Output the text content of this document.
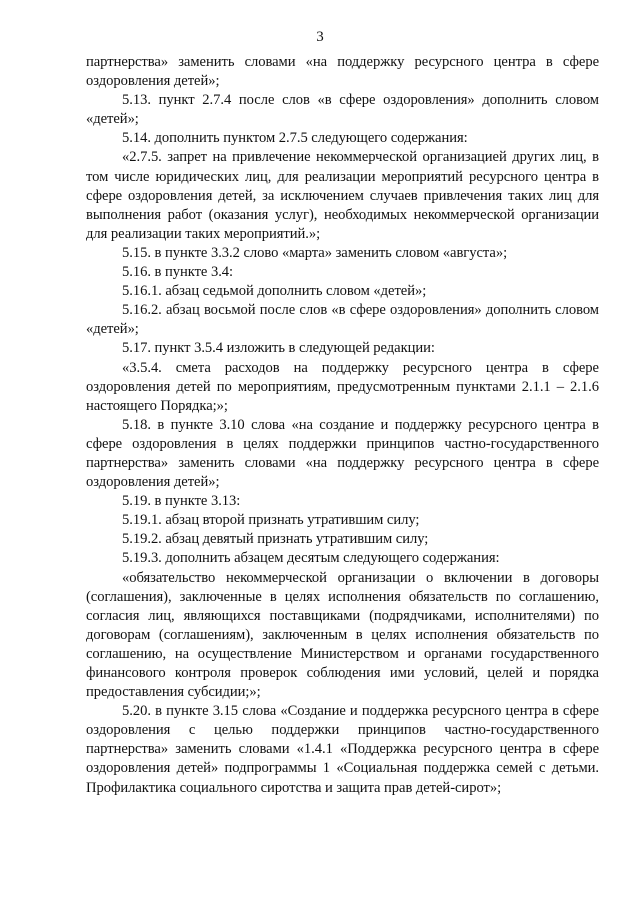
3

партнерства» заменить словами «на поддержку ресурсного центра в сфере оздоровления детей»;

5.13. пункт 2.7.4 после слов «в сфере оздоровления» дополнить словом «детей»;

5.14. дополнить пунктом 2.7.5 следующего содержания:

«2.7.5. запрет на привлечение некоммерческой организацией других лиц, в том числе юридических лиц, для реализации мероприятий ресурсного центра в сфере оздоровления детей, за исключением случаев привлечения таких лиц для выполнения работ (оказания услуг), необходимых некоммерческой организации для реализации таких мероприятий.»;

5.15. в пункте 3.3.2 слово «марта» заменить словом «августа»;

5.16. в пункте 3.4:

5.16.1. абзац седьмой дополнить словом «детей»;

5.16.2. абзац восьмой после слов «в сфере оздоровления» дополнить словом «детей»;

5.17. пункт 3.5.4 изложить в следующей редакции:

«3.5.4. смета расходов на поддержку ресурсного центра в сфере оздоровления детей по мероприятиям, предусмотренным пунктами 2.1.1 – 2.1.6 настоящего Порядка;»;

5.18. в пункте 3.10 слова «на создание и поддержку ресурсного центра в сфере оздоровления в целях поддержки принципов частно-государственного партнерства» заменить словами «на поддержку ресурсного центра в сфере оздоровления детей»;

5.19. в пункте 3.13:

5.19.1. абзац второй признать утратившим силу;

5.19.2. абзац девятый признать утратившим силу;

5.19.3. дополнить абзацем десятым следующего содержания:

«обязательство некоммерческой организации о включении в договоры (соглашения), заключенные в целях исполнения обязательств по соглашению, согласия лиц, являющихся поставщиками (подрядчиками, исполнителями) по договорам (соглашениям), заключенным в целях исполнения обязательств по соглашению, на осуществление Министерством и органами государственного финансового контроля проверок соблюдения ими условий, целей и порядка предоставления субсидии;»;

5.20. в пункте 3.15 слова «Создание и поддержка ресурсного центра в сфере оздоровления с целью поддержки принципов частно-государственного партнерства» заменить словами «1.4.1 «Поддержка ресурсного центра в сфере оздоровления детей» подпрограммы 1 «Социальная поддержка семей с детьми. Профилактика социального сиротства и защита прав детей-сирот»;
